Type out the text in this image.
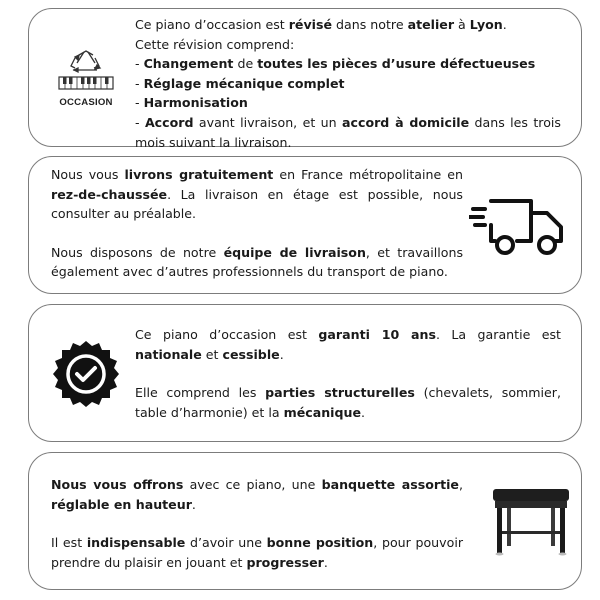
OCCASION

Ce piano d’occasion est révisé dans notre atelier à Lyon.

Cette révision comprend:

- Changement de toutes les pièces d’usure défectueuses

- Réglage mécanique complet

- Harmonisation

- Accord avant livraison, et un accord à domicile dans les trois mois suivant la livraison.

Nous vous livrons gratuitement en France métropolitaine en rez-de-chaussée. La livraison en étage est possible, nous consulter au préalable.

Nous disposons de notre équipe de livraison, et travaillons également avec d’autres professionnels du transport de piano.

Ce piano d’occasion est garanti 10 ans. La garantie est nationale et cessible.

Elle comprend les parties structurelles (chevalets, sommier, table d’harmonie) et la mécanique.

Nous vous offrons avec ce piano, une banquette assortie, réglable en hauteur.

Il est indispensable d’avoir une bonne position, pour pouvoir prendre du plaisir en jouant et progresser.
